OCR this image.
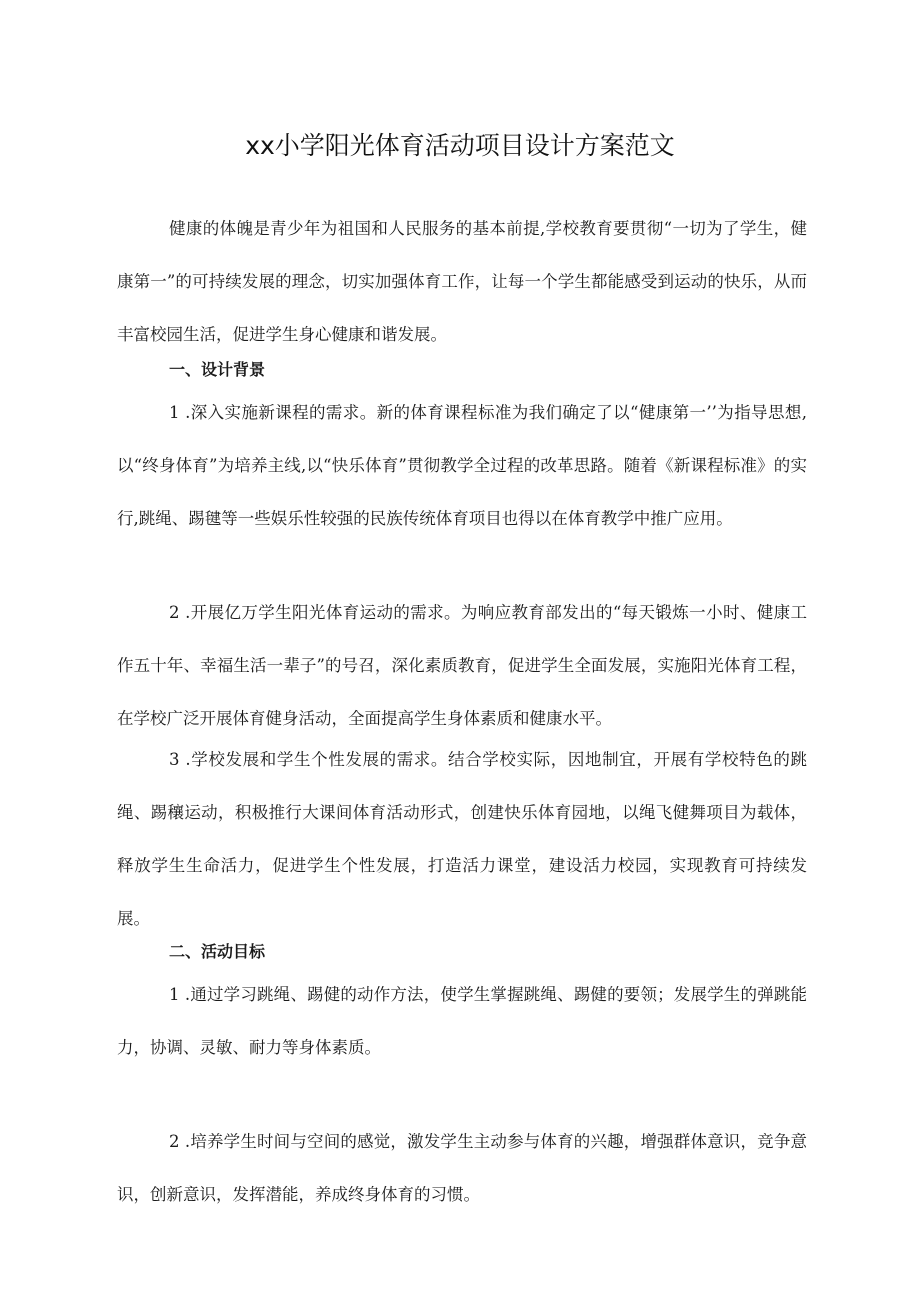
xx小学阳光体育活动项目设计方案范文

健康的体魄是青少年为祖国和人民服务的基本前提,学校教育要贯彻“一切为了学生，健康第一”的可持续发展的理念，切实加强体育工作，让每一个学生都能感受到运动的快乐，从而丰富校园生活，促进学生身心健康和谐发展。

一、设计背景

1 .深入实施新课程的需求。新的体育课程标准为我们确定了以“健康第一’’为指导思想,以“终身体育”为培养主线,以“快乐体育”贯彻教学全过程的改革思路。随着《新课程标准》的实行,跳绳、踢毽等一些娱乐性较强的民族传统体育项目也得以在体育教学中推广应用。

2 .开展亿万学生阳光体育运动的需求。为响应教育部发出的“每天锻炼一小时、健康工作五十年、幸福生活一辈子”的号召，深化素质教育，促进学生全面发展，实施阳光体育工程，在学校广泛开展体育健身活动，全面提高学生身体素质和健康水平。

3 .学校发展和学生个性发展的需求。结合学校实际，因地制宜，开展有学校特色的跳绳、踢穰运动，积极推行大课间体育活动形式，创建快乐体育园地，以绳飞健舞项目为载体，释放学生生命活力，促进学生个性发展，打造活力课堂，建设活力校园，实现教育可持续发展。

二、活动目标

1 .通过学习跳绳、踢健的动作方法，使学生掌握跳绳、踢健的要领；发展学生的弹跳能力，协调、灵敏、耐力等身体素质。

2 .培养学生时间与空间的感觉，激发学生主动参与体育的兴趣，增强群体意识，竞争意识，创新意识，发挥潜能，养成终身体育的习惯。
